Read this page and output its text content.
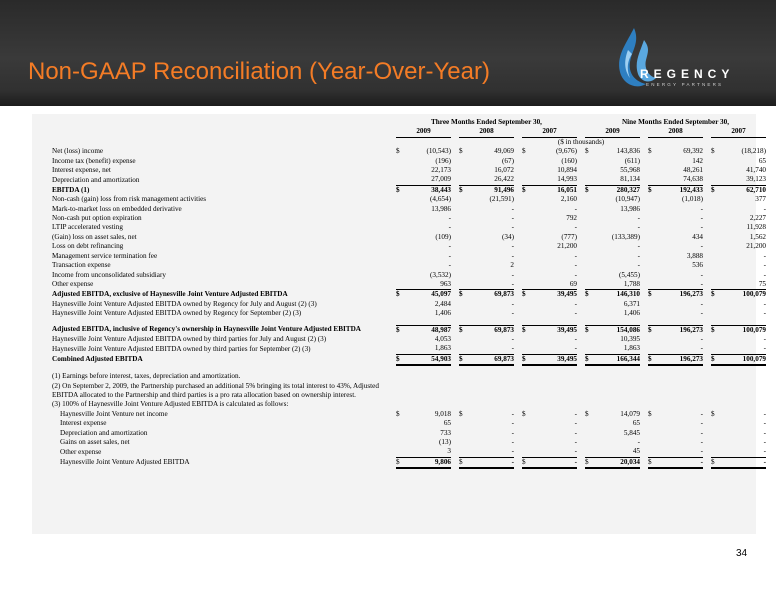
Non-GAAP Reconciliation (Year-Over-Year)	REGENCY
ENERGY PARTNERS
	Three Months Ended September 30,									Nine Months Ended September 30,							
	2009			2008			2007			2009			2008			2007	
	($ in thousands)																
Net (loss) income	$	(10,543)		$	49,069		$	(9,676)		$	143,836		$	69,392		$	(18,218)
Income tax (benefit) expense		(196)			(67)			(160)			(611)			142			65
Interest expense, net		22,173			16,072			10,894			55,968			48,261			41,740
Depreciation and amortization		27,009			26,422			14,993			81,134			74,638			39,123
EBITDA (1)	$	38,443		$	91,496		$	16,051		$	280,327		$	192,433		$	62,710
Non-cash (gain) loss from risk management activities		(4,654)			(21,591)			2,160			(10,947)			(1,018)			377
Mark-to-market loss on embedded derivative		13,986			-			-			13,986			-			-
Non-cash put option expiration		-			-			792			-			-			2,227
LTIP accelerated vesting		-			-			-			-			-			11,928
(Gain) loss on asset sales, net		(109)			(34)			(777)			(133,389)			434			1,562
Loss on debt refinancing		-			-			21,200			-			-			21,200
Management service termination fee		-			-			-			-			3,888			-
Transaction expense		-			2			-			-			536			-
Income from unconsolidated subsidiary		(3,532)			-			-			(5,455)			-			-
Other expense		963			-			69			1,788			-			75
Adjusted EBITDA, exclusive of Haynesville Joint Venture Adjusted EBITDA	$	45,097		$	69,873		$	39,495		$	146,310		$	196,273		$	100,079
Haynesville Joint Venture Adjusted EBITDA owned by Regency for July and August (2) (3)		2,484			-			-			6,371			-			-
Haynesville Joint Venture Adjusted EBITDA owned by Regency for September (2) (3)		1,406			-			-			1,406			-			-

Adjusted EBITDA, inclusive of Regency's ownership in Haynesville Joint Venture Adjusted EBITDA	$	48,987		$	69,873		$	39,495		$	154,086		$	196,273		$	100,079
Haynesville Joint Venture Adjusted EBITDA owned by third parties for July and August (2) (3)		4,053			-			-			10,395			-			-
Haynesville Joint Venture Adjusted EBITDA owned by third parties for September (2) (3)		1,863			-			-			1,863			-			-
Combined Adjusted EBITDA	$	54,903		$	69,873		$	39,495		$	166,344		$	196,273		$	100,079

(1) Earnings before interest, taxes, depreciation and amortization.																	
(2) On September 2, 2009, the Partnership purchased an additional 5% bringing its total interest to 43%, Adjusted																	
EBITDA allocated to the Partnership and third parties is a pro rata allocation based on ownership interest.																	
(3) 100% of Haynesville Joint Venture Adjusted EBITDA is calculated as follows:																	
Haynesville Joint Venture net income	$	9,018		$	-		$	-		$	14,079		$	-		$	-
Interest expense		65			-			-			65			-			-
Depreciation and amortization		733			-			-			5,845			-			-
Gains on asset sales, net		(13)			-			-			-			-			-
Other expense		3			-			-			45			-			-
Haynesville Joint Venture Adjusted EBITDA	$	9,806		$	-		$	-		$	20,034		$	-		$	-
34
